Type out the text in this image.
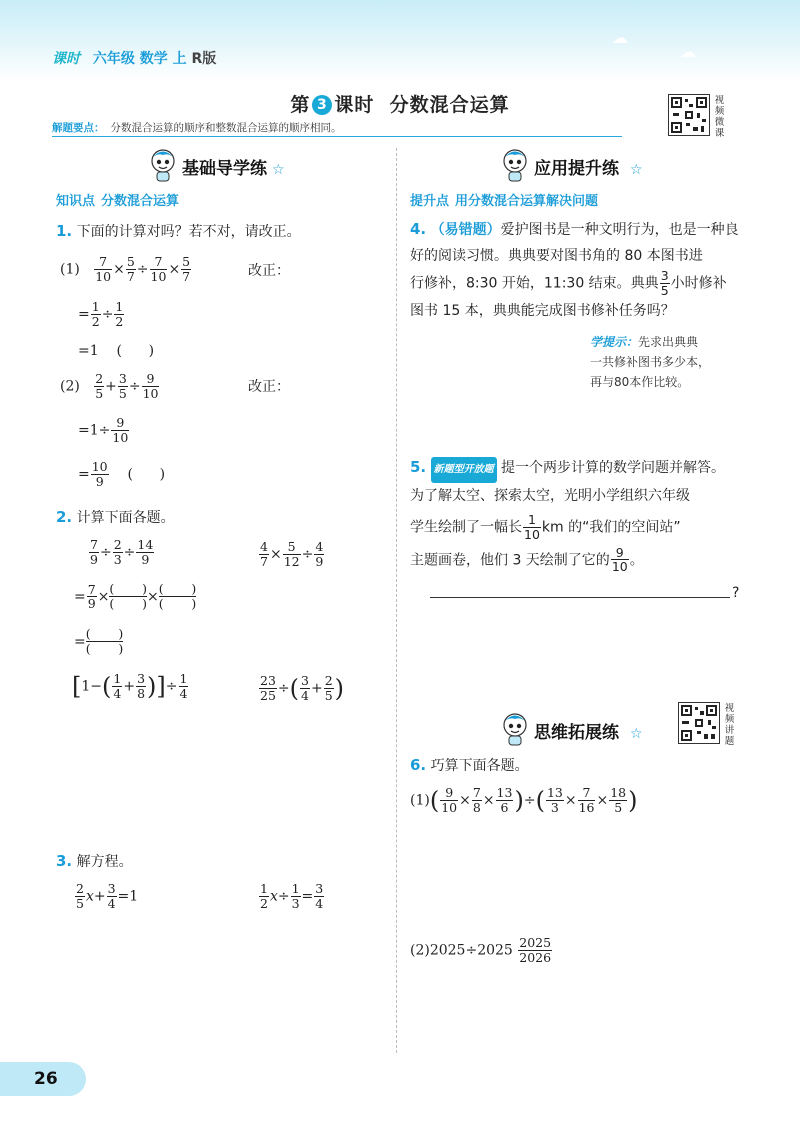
☁
☁
课时 六年级 数学 上 R版
第 3 课时  分数混合运算
解题要点： 分数混合运算的顺序和整数混合运算的顺序相同。
视频微课
基础导学练 ☆
知识点 分数混合运算
1. 下面的计算对吗？若不对，请改正。
$(1) \frac{7}{10} \times \frac{5}{7} \div \frac{7}{10} \times \frac{5}{7}$	改正：
= $\frac{1}{2} \div \frac{1}{2}$
=1    (      )
$(2) \frac{2}{5} + \frac{3}{5} \div \frac{9}{10}$	改正：
$=1\div \frac{9}{10}$
= $\frac{10}{9}$ (      )
2. 计算下面各题。
$\frac{7}{9} \div \frac{2}{3} \div \frac{14}{9}$	$\frac{4}{7} \times \frac{5}{12} \div \frac{4}{9}$
= $\frac{7}{9}$ ×
(       )
(       ) ×
(       )
(       )
=
(       )
(       )
[$1-( \frac{1}{4} + \frac{3}{8}$ )]÷ $\frac{1}{4}$	$\frac{23}{25}$ ÷( $\frac{3}{4} + \frac{2}{5}$ )
3. 解方程。
$\frac{2}{5} x+ \frac{3}{4} =1$	$\frac{1}{2} x\div \frac{1}{3} = \frac{3}{4}$
应用提升练 ☆
提升点 用分数混合运算解决问题
4. （易错题）爱护图书是一种文明行为，也是一种良
好的阅读习惯。典典要对图书角的 80 本图书进
行修补，8:30 开始，11:30 结束。典典 $\frac{3}{5}$ 小时修补
图书 15 本，典典能完成图书修补任务吗？
学提示：先求出典典
一共修补图书多少本，
再与80本作比较。
5. 新题型开放题 提一个两步计算的数学问题并解答。
为了解太空、探索太空，光明小学组织六年级
学生绘制了一幅长 $\frac{1}{10}$ km 的“我们的空间站”
主题画卷，他们 3 天绘制了它的 $\frac{9}{10}$ 。
?
思维拓展练 ☆
视频讲题
6. 巧算下面各题。
$(1)( \frac{9}{10} \times \frac{7}{8} \times \frac{13}{6}$ )÷( $\frac{13}{3} \times \frac{7}{16} \times \frac{18}{5}$ )
$(2)2025\div 2025 \frac{2025}{2026}$
26
